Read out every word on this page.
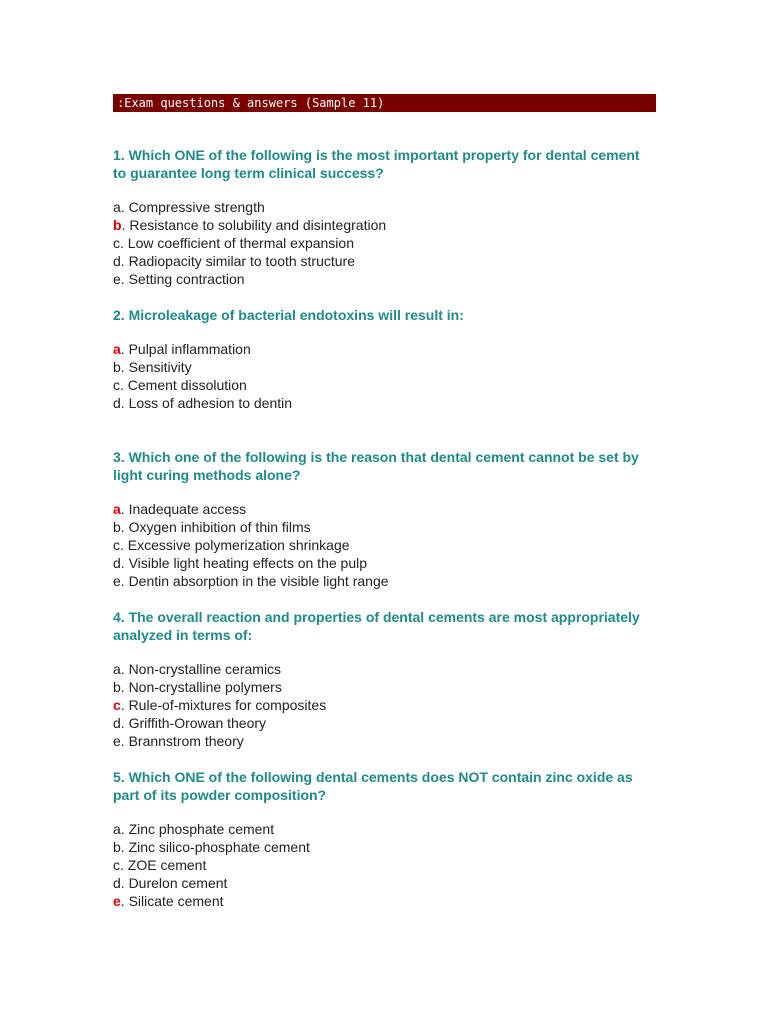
:Exam questions & answers (Sample 11)

1. Which ONE of the following is the most important property for dental cement to guarantee long term clinical success?

a. Compressive strength
b. Resistance to solubility and disintegration
c. Low coefficient of thermal expansion
d. Radiopacity similar to tooth structure
e. Setting contraction

2. Microleakage of bacterial endotoxins will result in:

a. Pulpal inflammation
b. Sensitivity
c. Cement dissolution
d. Loss of adhesion to dentin

3. Which one of the following is the reason that dental cement cannot be set by light curing methods alone?

a. Inadequate access
b. Oxygen inhibition of thin films
c. Excessive polymerization shrinkage
d. Visible light heating effects on the pulp
e. Dentin absorption in the visible light range

4. The overall reaction and properties of dental cements are most appropriately analyzed in terms of:

a. Non-crystalline ceramics
b. Non-crystalline polymers
c. Rule-of-mixtures for composites
d. Griffith-Orowan theory
e. Brannstrom theory

5. Which ONE of the following dental cements does NOT contain zinc oxide as part of its powder composition?

a. Zinc phosphate cement
b. Zinc silico-phosphate cement
c. ZOE cement
d. Durelon cement
e. Silicate cement
